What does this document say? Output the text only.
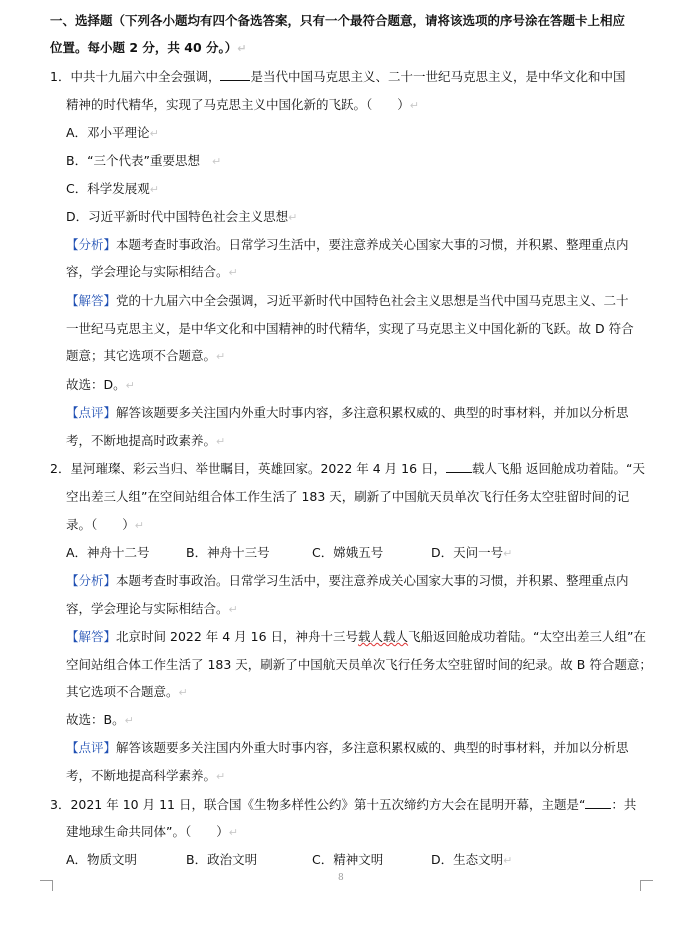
一、选择题（下列各小题均有四个备选答案，只有一个最符合题意，请将该选项的序号涂在答题卡上相应
位置。每小题 2 分，共 40 分。）↵
1．中共十九届六中全会强调， 是当代中国马克思主义、二十一世纪马克思主义，是中华文化和中国
精神的时代精华，实现了马克思主义中国化新的飞跃。（　　）↵
A．邓小平理论↵
B．“三个代表”重要思想 ↵
C．科学发展观↵
D．习近平新时代中国特色社会主义思想↵
【分析】本题考查时事政治。日常学习生活中，要注意养成关心国家大事的习惯，并积累、整理重点内
容，学会理论与实际相结合。↵
【解答】党的十九届六中全会强调，习近平新时代中国特色社会主义思想是当代中国马克思主义、二十
一世纪马克思主义，是中华文化和中国精神的时代精华，实现了马克思主义中国化新的飞跃。故 D 符合
题意；其它选项不合题意。↵
故选：D。↵
【点评】解答该题要多关注国内外重大时事内容，多注意积累权威的、典型的时事材料，并加以分析思
考，不断地提高时政素养。↵
2．星河璀璨、彩云当归、举世瞩目，英雄回家。2022 年 4 月 16 日， 载人飞船 返回舱成功着陆。“天
空出差三人组”在空间站组合体工作生活了 183 天，刷新了中国航天员单次飞行任务太空驻留时间的记
录。（　　）↵
A．神舟十二号	B．神舟十三号	C．嫦娥五号	D．天问一号↵
【分析】本题考查时事政治。日常学习生活中，要注意养成关心国家大事的习惯，并积累、整理重点内
容，学会理论与实际相结合。↵
【解答】北京时间 2022 年 4 月 16 日，神舟十三号载人载人飞船返回舱成功着陆。“太空出差三人组”在
空间站组合体工作生活了 183 天，刷新了中国航天员单次飞行任务太空驻留时间的纪录。故 B 符合题意；
其它选项不合题意。↵
故选：B。↵
【点评】解答该题要多关注国内外重大时事内容，多注意积累权威的、典型的时事材料，并加以分析思
考，不断地提高科学素养。↵
3．2021 年 10 月 11 日，联合国《生物多样性公约》第十五次缔约方大会在昆明开幕，主题是“ ：共
建地球生命共同体”。（　　）↵
A．物质文明	B．政治文明	C．精神文明	D．生态文明↵
8
